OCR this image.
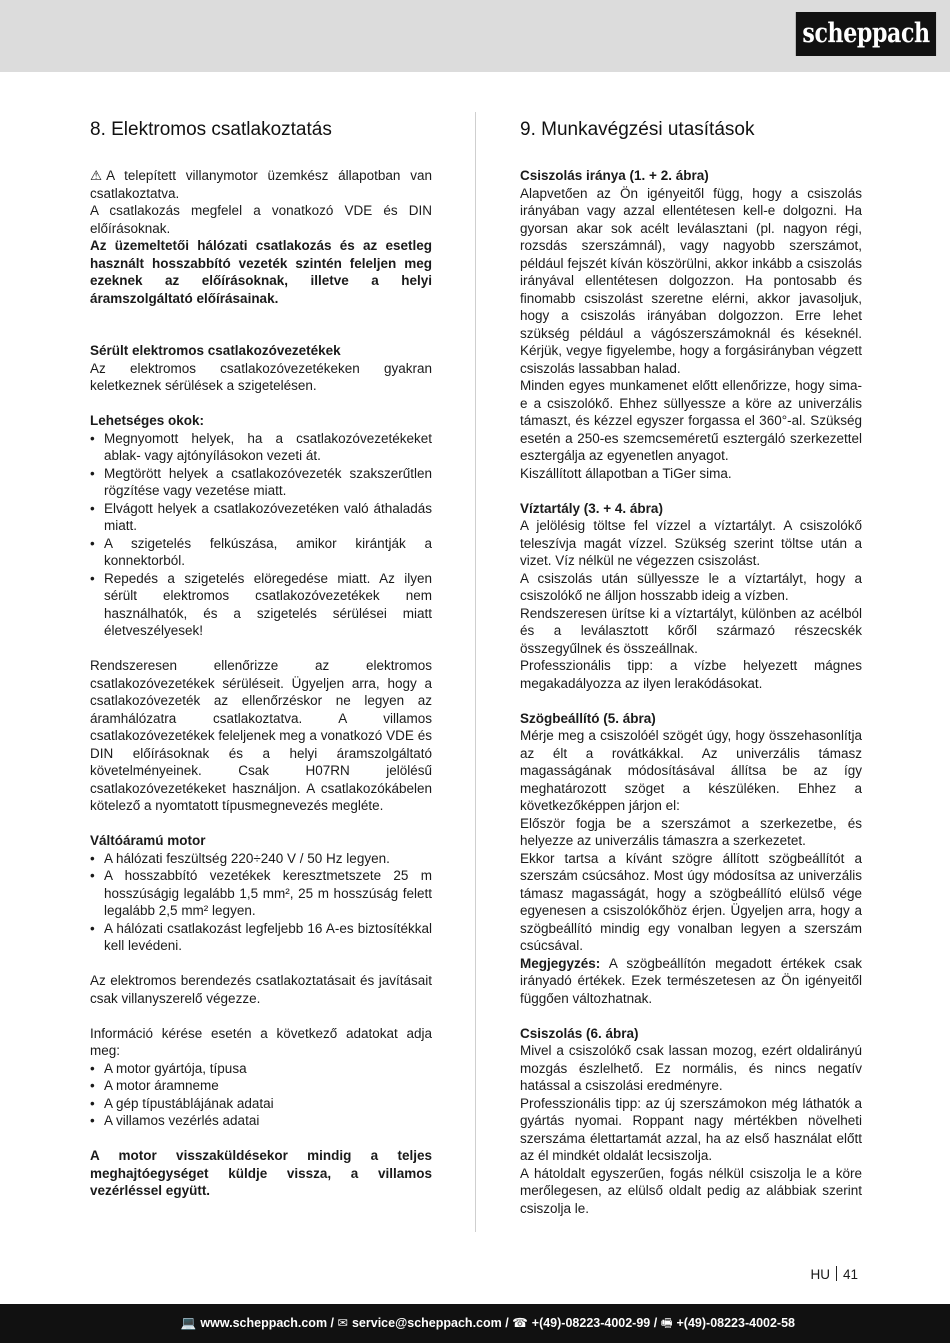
scheppach
8. Elektromos csatlakoztatás

⚠ A telepített villanymotor üzemkész állapotban van csatlakoztatva.

A csatlakozás megfelel a vonatkozó VDE és DIN előírásoknak.

Az üzemeltetői hálózati csatlakozás és az esetleg használt hosszabbító vezeték szintén feleljen meg ezeknek az előírásoknak, illetve a helyi áramszolgáltató előírásainak.

Sérült elektromos csatlakozóvezetékek

Az elektromos csatlakozóvezetékeken gyakran keletkeznek sérülések a szigetelésen.

Lehetséges okok:

• Megnyomott helyek, ha a csatlakozóvezetékeket ablak- vagy ajtónyílásokon vezeti át.
• Megtörött helyek a csatlakozóvezeték szakszerűtlen rögzítése vagy vezetése miatt.
• Elvágott helyek a csatlakozóvezetéken való áthaladás miatt.
• A szigetelés felkúszása, amikor kirántják a konnektorból.
• Repedés a szigetelés elöregedése miatt. Az ilyen sérült elektromos csatlakozóvezetékek nem használhatók, és a szigetelés sérülései miatt életveszélyesek!

Rendszeresen ellenőrizze az elektromos csatlakozóvezetékek sérüléseit. Ügyeljen arra, hogy a csatlakozóvezeték az ellenőrzéskor ne legyen az áramhálózatra csatlakoztatva. A villamos csatlakozóvezetékek feleljenek meg a vonatkozó VDE és DIN előírásoknak és a helyi áramszolgáltató követelményeinek. Csak H07RN jelölésű csatlakozóvezetékeket használjon. A csatlakozókábelen kötelező a nyomtatott típusmegnevezés megléte.

Váltóáramú motor

• A hálózati feszültség 220÷240 V / 50 Hz legyen.
• A hosszabbító vezetékek keresztmetszete 25 m hosszúságig legalább 1,5 mm², 25 m hosszúság felett legalább 2,5 mm² legyen.
• A hálózati csatlakozást legfeljebb 16 A-es biztosítékkal kell levédeni.

Az elektromos berendezés csatlakoztatásait és javításait csak villanyszerelő végezze.

Információ kérése esetén a következő adatokat adja meg:

• A motor gyártója, típusa
• A motor áramneme
• A gép típustáblájának adatai
• A villamos vezérlés adatai

A motor visszaküldésekor mindig a teljes meghajtóegységet küldje vissza, a villamos vezérléssel együtt.

9. Munkavégzési utasítások

Csiszolás iránya (1. + 2. ábra)

Alapvetően az Ön igényeitől függ, hogy a csiszolás irányában vagy azzal ellentétesen kell-e dolgozni. Ha gyorsan akar sok acélt leválasztani (pl. nagyon régi, rozsdás szerszámnál), vagy nagyobb szerszámot, például fejszét kíván köszörülni, akkor inkább a csiszolás irányával ellentétesen dolgozzon. Ha pontosabb és finomabb csiszolást szeretne elérni, akkor javasoljuk, hogy a csiszolás irányában dolgozzon. Erre lehet szükség például a vágószerszámoknál és késeknél. Kérjük, vegye figyelembe, hogy a forgásirányban végzett csiszolás lassabban halad.

Minden egyes munkamenet előtt ellenőrizze, hogy sima-e a csiszolókő. Ehhez süllyessze a köre az univerzális támaszt, és kézzel egyszer forgassa el 360°-al. Szükség esetén a 250-es szemcseméretű esztergáló szerkezettel esztergálja az egyenetlen anyagot.

Kiszállított állapotban a TiGer sima.

Víztartály (3. + 4. ábra)

A jelölésig töltse fel vízzel a víztartályt. A csiszolókő teleszívja magát vízzel. Szükség szerint töltse után a vizet. Víz nélkül ne végezzen csiszolást.

A csiszolás után süllyessze le a víztartályt, hogy a csiszolókő ne álljon hosszabb ideig a vízben.

Rendszeresen ürítse ki a víztartályt, különben az acélból és a leválasztott kőről származó részecskék összegyűlnek és összeállnak.

Professzionális tipp: a vízbe helyezett mágnes megakadályozza az ilyen lerakódásokat.

Szögbeállító (5. ábra)

Mérje meg a csiszolóél szögét úgy, hogy összehasonlítja az élt a rovátkákkal. Az univerzális támasz magasságának módosításával állítsa be az így meghatározott szöget a készüléken. Ehhez a következőképpen járjon el:

Először fogja be a szerszámot a szerkezetbe, és helyezze az univerzális támaszra a szerkezetet.

Ekkor tartsa a kívánt szögre állított szögbeállítót a szerszám csúcsához. Most úgy módosítsa az univerzális támasz magasságát, hogy a szögbeállító elülső vége egyenesen a csiszolókőhöz érjen. Ügyeljen arra, hogy a szögbeállító mindig egy vonalban legyen a szerszám csúcsával.

Megjegyzés: A szögbeállítón megadott értékek csak irányadó értékek. Ezek természetesen az Ön igényeitől függően változhatnak.

Csiszolás (6. ábra)

Mivel a csiszolókő csak lassan mozog, ezért oldalirányú mozgás észlelhető. Ez normális, és nincs negatív hatással a csiszolási eredményre.

Professzionális tipp: az új szerszámokon még láthatók a gyártás nyomai. Roppant nagy mértékben növelheti szerszáma élettartamát azzal, ha az első használat előtt az él mindkét oldalát lecsiszolja.

A hátoldalt egyszerűen, fogás nélkül csiszolja le a köre merőlegesen, az elülső oldalt pedig az alábbiak szerint csiszolja le.

HU 41
💻 www.scheppach.com / ✉ service@scheppach.com / ☎ +(49)-08223-4002-99 / 🖷 +(49)-08223-4002-58
